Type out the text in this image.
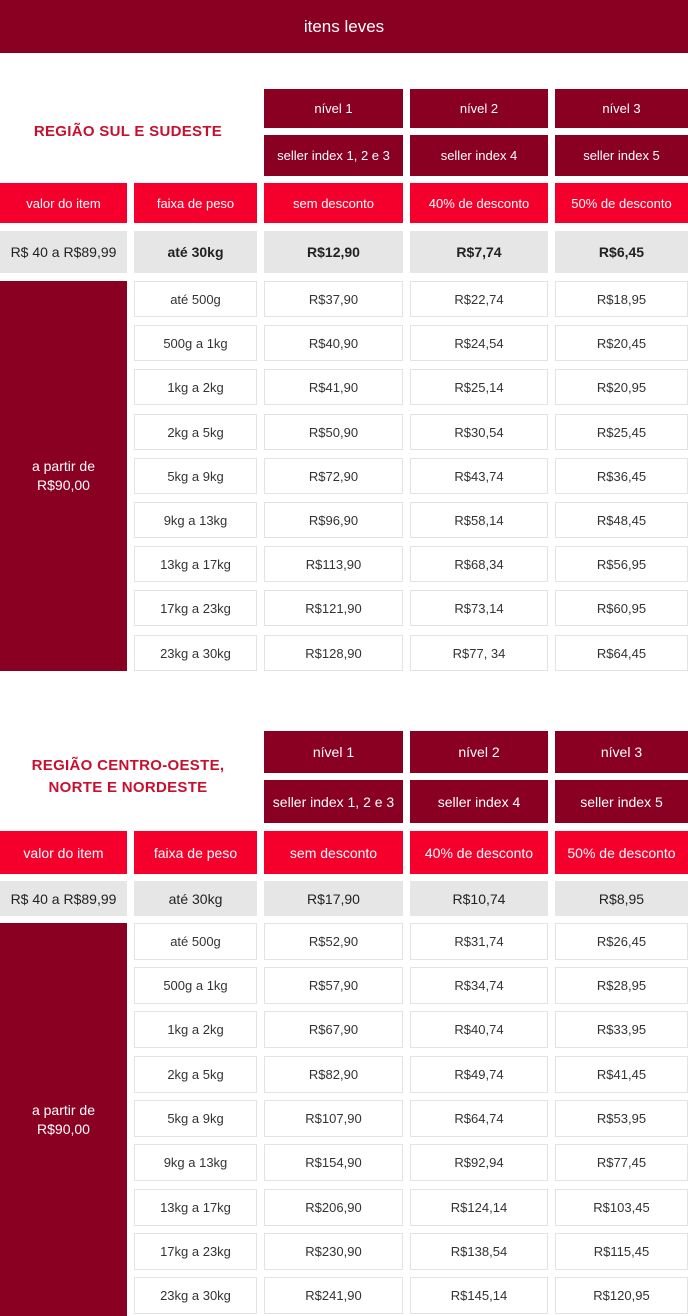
itens leves
REGIÃO SUL E SUDESTE
nível 1	nível 2	nível 3
seller index 1, 2 e 3	seller index 4	seller index 5
valor do item	faixa de peso	sem desconto	40% de desconto	50% de desconto
R$ 40 a R$89,99	até 30kg	R$12,90	R$7,74	R$6,45
a partir de
R$90,00
até 500g	R$37,90	R$22,74	R$18,95
500g a 1kg	R$40,90	R$24,54	R$20,45
1kg a 2kg	R$41,90	R$25,14	R$20,95
2kg a 5kg	R$50,90	R$30,54	R$25,45
5kg a 9kg	R$72,90	R$43,74	R$36,45
9kg a 13kg	R$96,90	R$58,14	R$48,45
13kg a 17kg	R$113,90	R$68,34	R$56,95
17kg a 23kg	R$121,90	R$73,14	R$60,95
23kg a 30kg	R$128,90	R$77, 34	R$64,45
REGIÃO CENTRO-OESTE,
NORTE E NORDESTE
nível 1	nível 2	nível 3
seller index 1, 2 e 3	seller index 4	seller index 5
valor do item	faixa de peso	sem desconto	40% de desconto	50% de desconto
R$ 40 a R$89,99	até 30kg	R$17,90	R$10,74	R$8,95
a partir de
R$90,00
até 500g	R$52,90	R$31,74	R$26,45
500g a 1kg	R$57,90	R$34,74	R$28,95
1kg a 2kg	R$67,90	R$40,74	R$33,95
2kg a 5kg	R$82,90	R$49,74	R$41,45
5kg a 9kg	R$107,90	R$64,74	R$53,95
9kg a 13kg	R$154,90	R$92,94	R$77,45
13kg a 17kg	R$206,90	R$124,14	R$103,45
17kg a 23kg	R$230,90	R$138,54	R$115,45
23kg a 30kg	R$241,90	R$145,14	R$120,95
